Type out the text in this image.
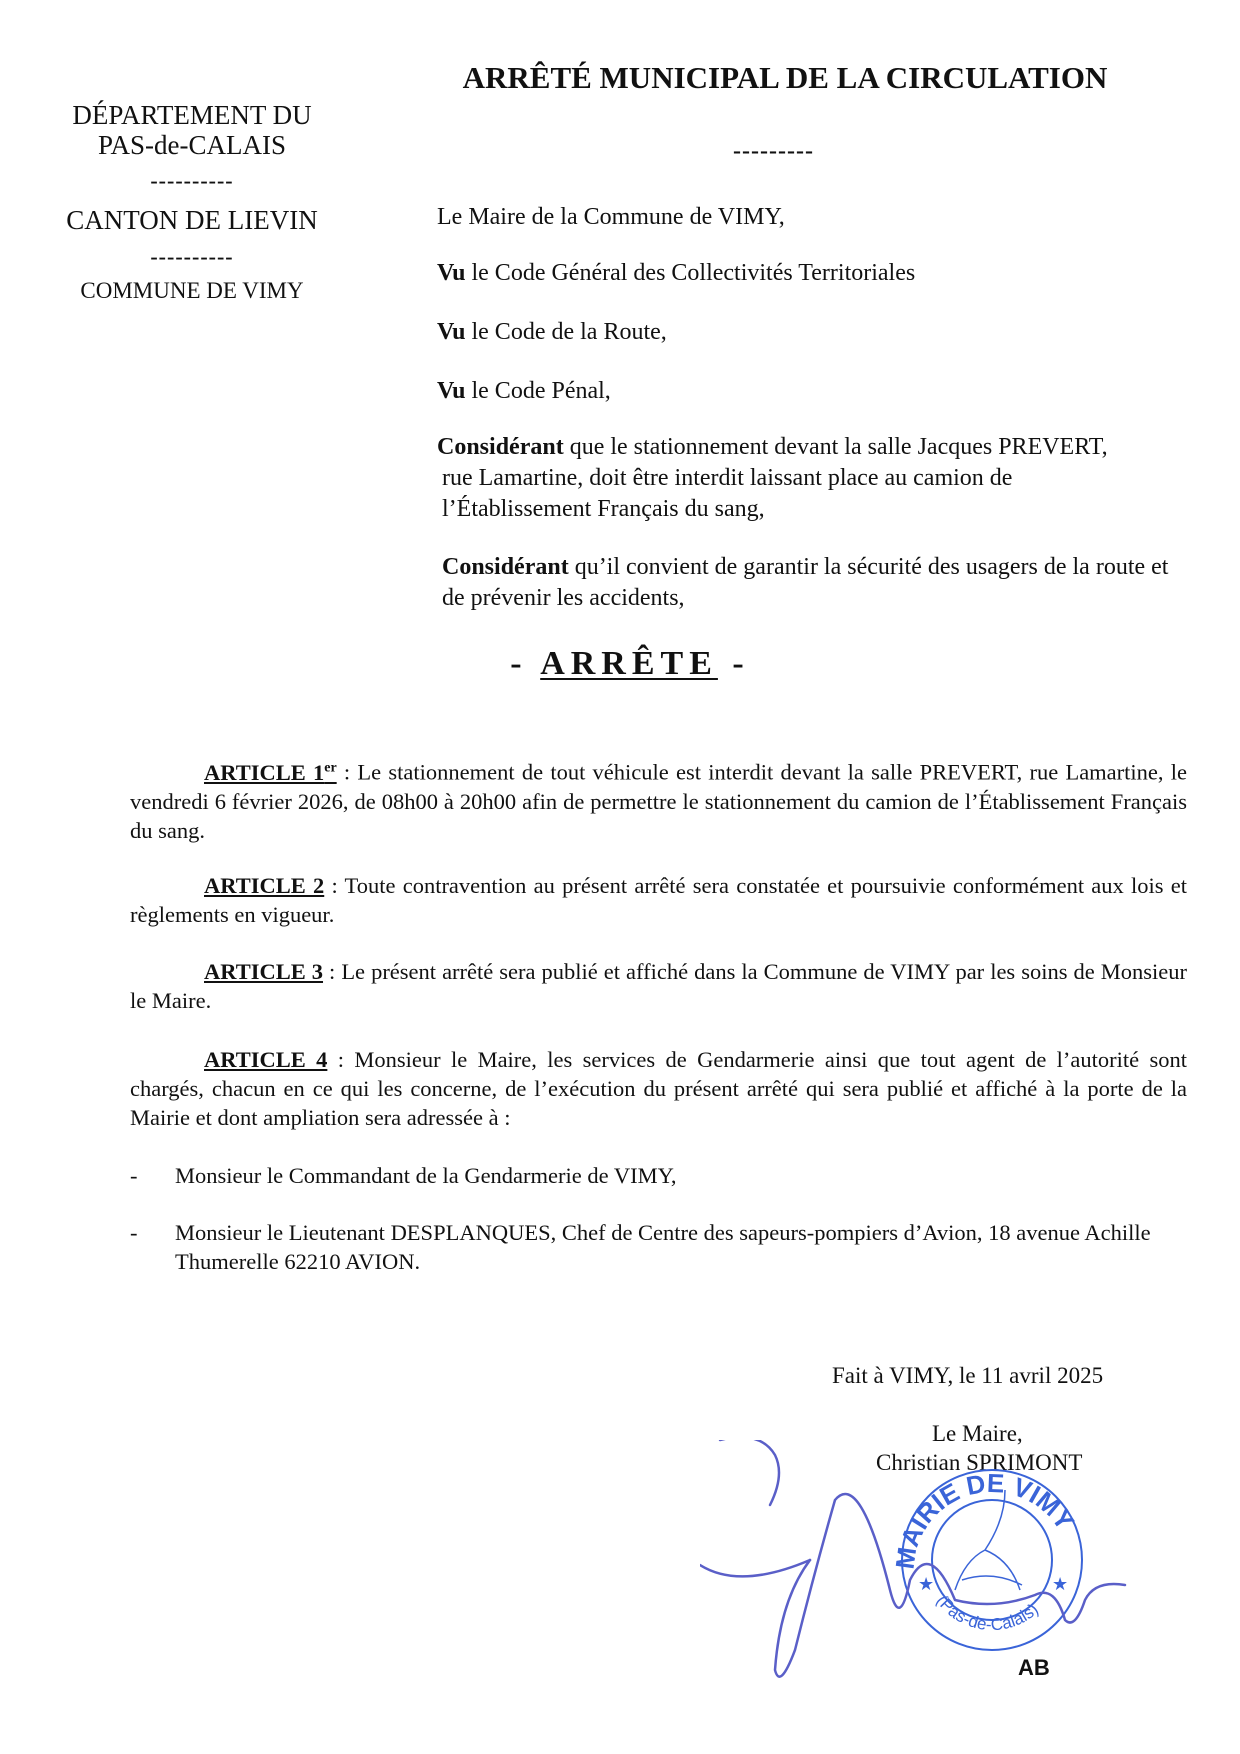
DÉPARTEMENT DU
PAS-de-CALAIS
----------
CANTON DE LIEVIN
----------
COMMUNE DE VIMY
ARRÊTÉ MUNICIPAL DE LA CIRCULATION
---------
Le Maire de la Commune de VIMY,
Vu le Code Général des Collectivités Territoriales
Vu le Code de la Route,
Vu le Code Pénal,
Considérant que le stationnement devant la salle Jacques PREVERT, rue Lamartine, doit être interdit laissant place au camion de l’Établissement Français du sang,
Considérant qu’il convient de garantir la sécurité des usagers de la route et de prévenir les accidents,
- ARRÊTE -
ARTICLE 1er : Le stationnement de tout véhicule est interdit devant la salle PREVERT, rue Lamartine, le vendredi 6 février 2026, de 08h00 à 20h00 afin de permettre le stationnement du camion de l’Établissement Français du sang.
ARTICLE 2 : Toute contravention au présent arrêté sera constatée et poursuivie conformément aux lois et règlements en vigueur.
ARTICLE 3 : Le présent arrêté sera publié et affiché dans la Commune de VIMY par les soins de Monsieur le Maire.
ARTICLE 4 : Monsieur le Maire, les services de Gendarmerie ainsi que tout agent de l’autorité sont chargés, chacun en ce qui les concerne, de l’exécution du présent arrêté qui sera publié et affiché à la porte de la Mairie et dont ampliation sera adressée à :
- Monsieur le Commandant de la Gendarmerie de VIMY,
- Monsieur le Lieutenant DESPLANQUES, Chef de Centre des sapeurs-pompiers d’Avion, 18 avenue Achille Thumerelle 62210 AVION.
Fait à VIMY, le 11 avril 2025
Le Maire,
Christian SPRIMONT
MAIRIE DE VIMY
(Pas-de-Calais)
★	★
AB
